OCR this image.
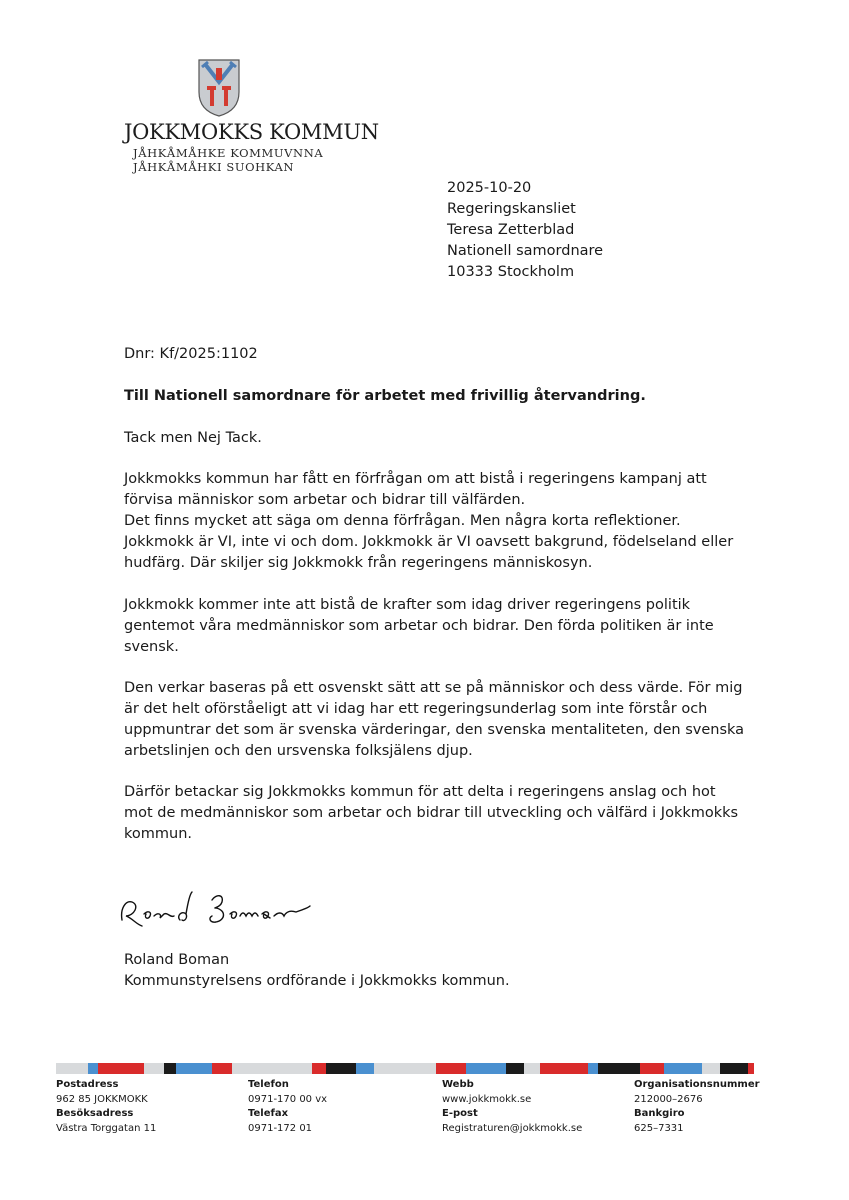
JOKKMOKKS KOMMUN
JÅHKÅMÅHKE KOMMUVNNA
JÅHKÅMÅHKI SUOHKAN
2025-10-20
Regeringskansliet
Teresa Zetterblad
Nationell samordnare
10333 Stockholm
Dnr: Kf/2025:1102
Till Nationell samordnare för arbetet med frivillig återvandring.
Tack men Nej Tack.
Jokkmokks kommun har fått en förfrågan om att bistå i regeringens kampanj att
förvisa människor som arbetar och bidrar till välfärden.
Det finns mycket att säga om denna förfrågan. Men några korta reflektioner.
Jokkmokk är VI, inte vi och dom. Jokkmokk är VI oavsett bakgrund, födelseland eller
hudfärg. Där skiljer sig Jokkmokk från regeringens människosyn.
Jokkmokk kommer inte att bistå de krafter som idag driver regeringens politik
gentemot våra medmänniskor som arbetar och bidrar. Den förda politiken är inte
svensk.
Den verkar baseras på ett osvenskt sätt att se på människor och dess värde. För mig
är det helt oförståeligt att vi idag har ett regeringsunderlag som inte förstår och
uppmuntrar det som är svenska värderingar, den svenska mentaliteten, den svenska
arbetslinjen och den ursvenska folksjälens djup.
Därför betackar sig Jokkmokks kommun för att delta i regeringens anslag och hot
mot de medmänniskor som arbetar och bidrar till utveckling och välfärd i Jokkmokks
kommun.
Roland Boman
Kommunstyrelsens ordförande i Jokkmokks kommun.
Postadress
962 85 JOKKMOKK
Besöksadress
Västra Torggatan 11
Telefon
0971-170 00 vx
Telefax
0971-172 01
Webb
www.jokkmokk.se
E-post
Registraturen@jokkmokk.se
Organisationsnummer
212000–2676
Bankgiro
625–7331
